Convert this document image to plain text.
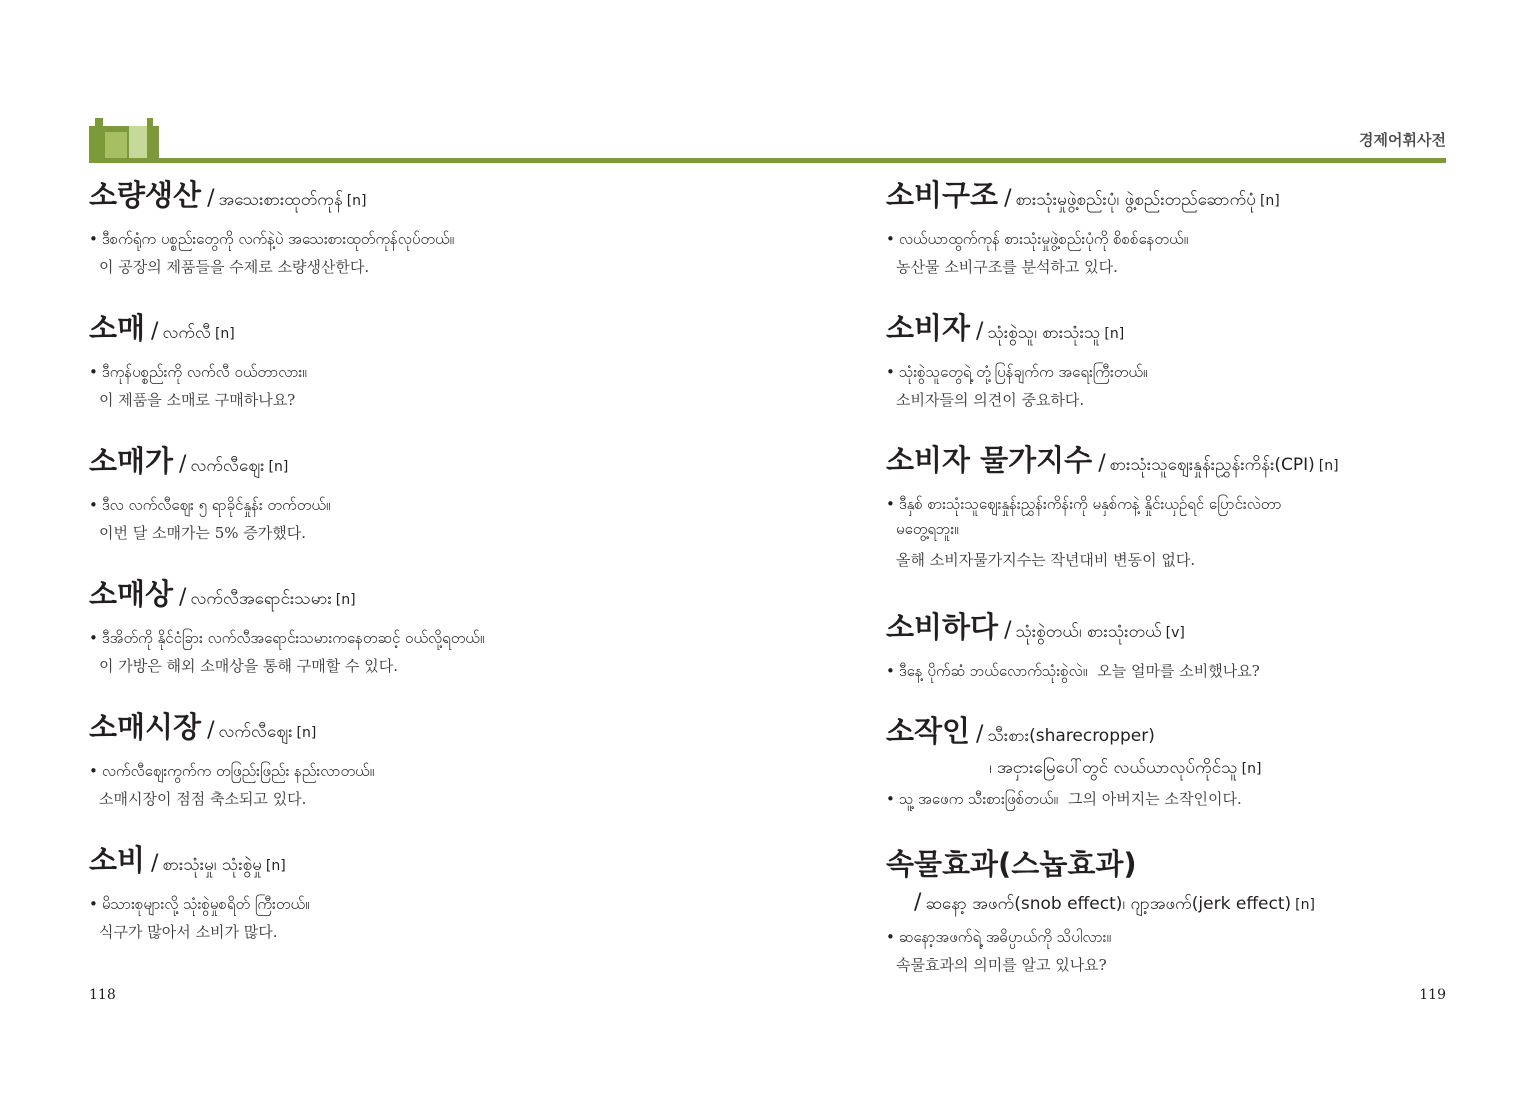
경제어휘사전
소량생산 / အသေးစားထုတ်ကုန် [n]
• ဒီစက်ရုံက ပစ္စည်းတွေကို လက်နဲ့ပဲ အသေးစားထုတ်ကုန်လုပ်တယ်။
이 공장의 제품들을 수제로 소량생산한다.
소매 / လက်လီ [n]
• ဒီကုန်ပစ္စည်းကို လက်လီ ဝယ်တာလား။
이 제품을 소매로 구매하나요?
소매가 / လက်လီဈေး [n]
• ဒီလ လက်လီဈေး ၅ ရာခိုင်နှုန်း တက်တယ်။
이번 달 소매가는 5% 증가했다.
소매상 / လက်လီအရောင်းသမား [n]
• ဒီအိတ်ကို နိုင်ငံခြား လက်လီအရောင်းသမားကနေတဆင့် ဝယ်လို့ရတယ်။
이 가방은 해외 소매상을 통해 구매할 수 있다.
소매시장 / လက်လီဈေး [n]
• လက်လီဈေးကွက်က တဖြည်းဖြည်း နည်းလာတယ်။
소매시장이 점점 축소되고 있다.
소비 / စားသုံးမှု၊ သုံးစွဲမှု [n]
• မိသားစုများလို့ သုံးစွဲမှုစရိတ် ကြီးတယ်။
식구가 많아서 소비가 많다.
소비구조 / စားသုံးမှုဖွဲ့စည်းပုံ၊ ဖွဲ့စည်းတည်ဆောက်ပုံ [n]
• လယ်ယာထွက်ကုန် စားသုံးမှုဖွဲ့စည်းပုံကို စိစစ်နေတယ်။
농산물 소비구조를 분석하고 있다.
소비자 / သုံးစွဲသူ၊ စားသုံးသူ [n]
• သုံးစွဲသူတွေရဲ့ တုံ့ပြန်ချက်က အရေးကြီးတယ်။
소비자들의 의견이 중요하다.
소비자 물가지수 / စားသုံးသူဈေးနှုန်းညွှန်းကိန်း(CPI) [n]
• ဒီနှစ် စားသုံးသူဈေးနှုန်းညွှန်းကိန်းကို မနှစ်ကနဲ့ နှိုင်းယှဉ်ရင် ပြောင်းလဲတာ
မတွေ့ရဘူး။
올해 소비자물가지수는 작년대비 변동이 없다.
소비하다 / သုံးစွဲတယ်၊ စားသုံးတယ် [v]
• ဒီနေ့ ပိုက်ဆံ ဘယ်လောက်သုံးစွဲလဲ။ 오늘 얼마를 소비했나요?
소작인 / သီးစား(sharecropper)
၊ အငှားမြေပေါ်တွင် လယ်ယာလုပ်ကိုင်သူ [n]
• သူ့ အဖေက သီးစားဖြစ်တယ်။ 그의 아버지는 소작인이다.
속물효과(스놉효과)
/ ဆနော့ အဖက်(snob effect)၊ ဂျာ့အဖက်(jerk effect) [n]
• ဆနော့အဖက်ရဲ့ အဓိပ္ပာယ်ကို သိပါလား။
속물효과의 의미를 알고 있나요?
118	119
